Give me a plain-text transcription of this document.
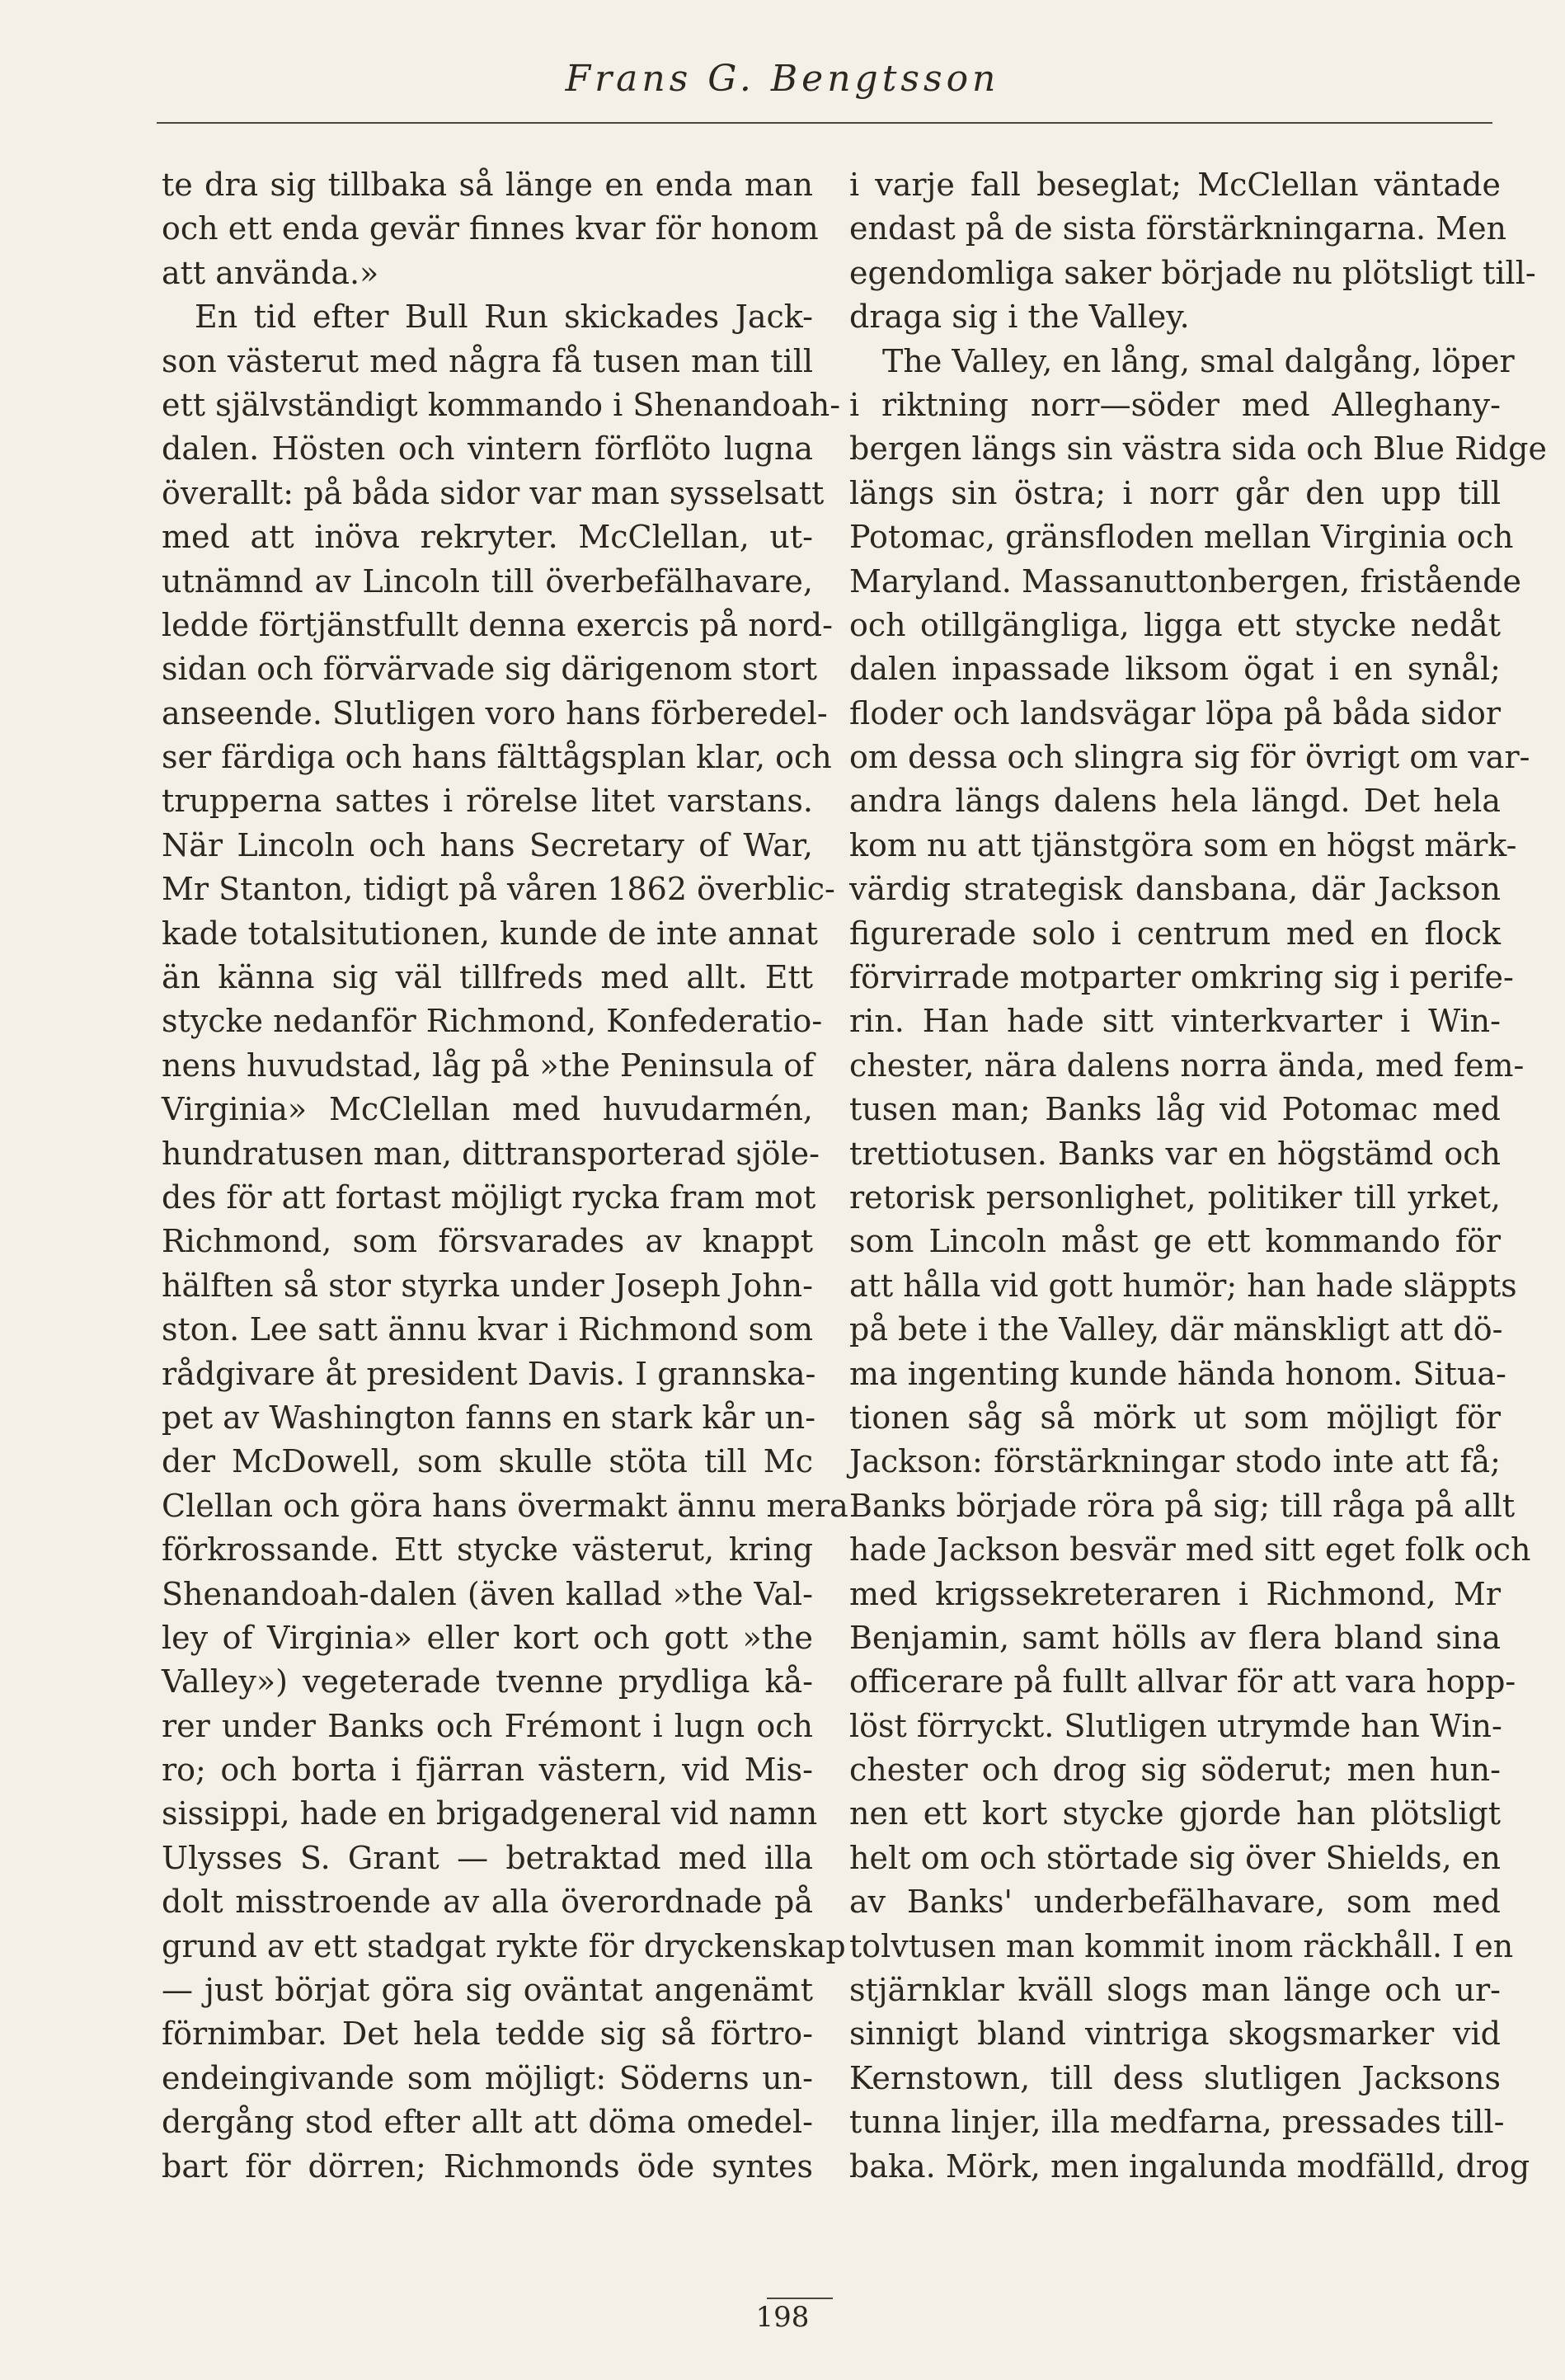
Frans G. Bengtsson
te dra sig tillbaka så länge en enda man
och ett enda gevär finnes kvar för honom
att använda.»
En tid efter Bull Run skickades Jack-
son västerut med några få tusen man till
ett självständigt kommando i Shenandoah-
dalen. Hösten och vintern förflöto lugna
överallt: på båda sidor var man sysselsatt
med att inöva rekryter. McClellan, ut-
utnämnd av Lincoln till överbefälhavare,
ledde förtjänstfullt denna exercis på nord-
sidan och förvärvade sig därigenom stort
anseende. Slutligen voro hans förberedel-
ser färdiga och hans fälttågsplan klar, och
trupperna sattes i rörelse litet varstans.
När Lincoln och hans Secretary of War,
Mr Stanton, tidigt på våren 1862 överblic-
kade totalsitutionen, kunde de inte annat
än känna sig väl tillfreds med allt. Ett
stycke nedanför Richmond, Konfederatio-
nens huvudstad, låg på »the Peninsula of
Virginia» McClellan med huvudarmén,
hundratusen man, dittransporterad sjöle-
des för att fortast möjligt rycka fram mot
Richmond, som försvarades av knappt
hälften så stor styrka under Joseph John-
ston. Lee satt ännu kvar i Richmond som
rådgivare åt president Davis. I grannska-
pet av Washington fanns en stark kår un-
der McDowell, som skulle stöta till Mc
Clellan och göra hans övermakt ännu mera
förkrossande. Ett stycke västerut, kring
Shenandoah-dalen (även kallad »the Val-
ley of Virginia» eller kort och gott »the
Valley») vegeterade tvenne prydliga kå-
rer under Banks och Frémont i lugn och
ro; och borta i fjärran västern, vid Mis-
sissippi, hade en brigadgeneral vid namn
Ulysses S. Grant — betraktad med illa
dolt misstroende av alla överordnade på
grund av ett stadgat rykte för dryckenskap
— just börjat göra sig oväntat angenämt
förnimbar. Det hela tedde sig så förtro-
endeingivande som möjligt: Söderns un-
dergång stod efter allt att döma omedel-
bart för dörren; Richmonds öde syntes
i varje fall beseglat; McClellan väntade
endast på de sista förstärkningarna. Men
egendomliga saker började nu plötsligt till-
draga sig i the Valley.
The Valley, en lång, smal dalgång, löper
i riktning norr—söder med Alleghany-
bergen längs sin västra sida och Blue Ridge
längs sin östra; i norr går den upp till
Potomac, gränsfloden mellan Virginia och
Maryland. Massanuttonbergen, fristående
och otillgängliga, ligga ett stycke nedåt
dalen inpassade liksom ögat i en synål;
floder och landsvägar löpa på båda sidor
om dessa och slingra sig för övrigt om var-
andra längs dalens hela längd. Det hela
kom nu att tjänstgöra som en högst märk-
värdig strategisk dansbana, där Jackson
figurerade solo i centrum med en flock
förvirrade motparter omkring sig i perife-
rin. Han hade sitt vinterkvarter i Win-
chester, nära dalens norra ända, med fem-
tusen man; Banks låg vid Potomac med
trettiotusen. Banks var en högstämd och
retorisk personlighet, politiker till yrket,
som Lincoln måst ge ett kommando för
att hålla vid gott humör; han hade släppts
på bete i the Valley, där mänskligt att dö-
ma ingenting kunde hända honom. Situa-
tionen såg så mörk ut som möjligt för
Jackson: förstärkningar stodo inte att få;
Banks började röra på sig; till råga på allt
hade Jackson besvär med sitt eget folk och
med krigssekreteraren i Richmond, Mr
Benjamin, samt hölls av flera bland sina
officerare på fullt allvar för att vara hopp-
löst förryckt. Slutligen utrymde han Win-
chester och drog sig söderut; men hun-
nen ett kort stycke gjorde han plötsligt
helt om och störtade sig över Shields, en
av Banks' underbefälhavare, som med
tolvtusen man kommit inom räckhåll. I en
stjärnklar kväll slogs man länge och ur-
sinnigt bland vintriga skogsmarker vid
Kernstown, till dess slutligen Jacksons
tunna linjer, illa medfarna, pressades till-
baka. Mörk, men ingalunda modfälld, drog
198
